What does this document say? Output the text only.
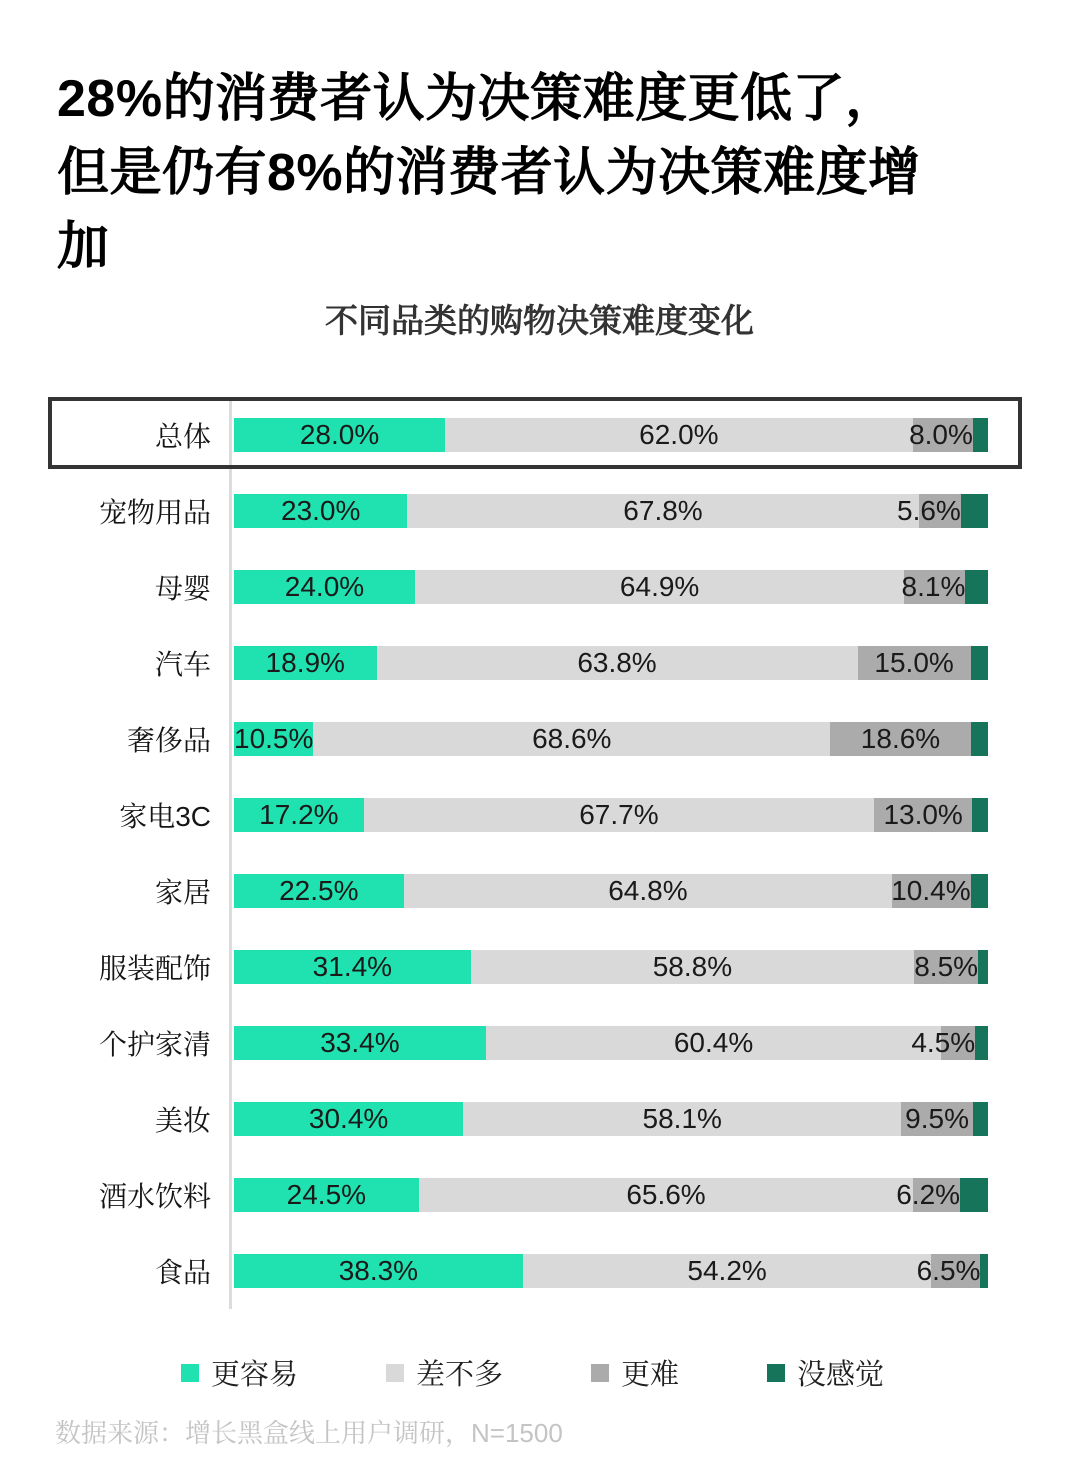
28%的消费者认为决策难度更低了，但是仍有8%的消费者认为决策难度增加
不同品类的购物决策难度变化
总体	28.0%	62.0%	8.0%
宠物用品	23.0%	67.8%	5.6%
母婴	24.0%	64.9%	8.1%
汽车	18.9%	63.8%	15.0%
奢侈品 10.5%	68.6%	18.6%
家电3C	17.2%	67.7%	13.0%
家居	22.5%	64.8%	10.4%
服装配饰	31.4%	58.8%	8.5%
个护家清	33.4%	60.4%	4.5%
美妆	30.4%	58.1%	9.5%
酒水饮料	24.5%	65.6%	6.2%
食品	38.3%	54.2%	6.5%
更容易	差不多	更难	没感觉
数据来源：增长黑盒线上用户调研，N=1500
